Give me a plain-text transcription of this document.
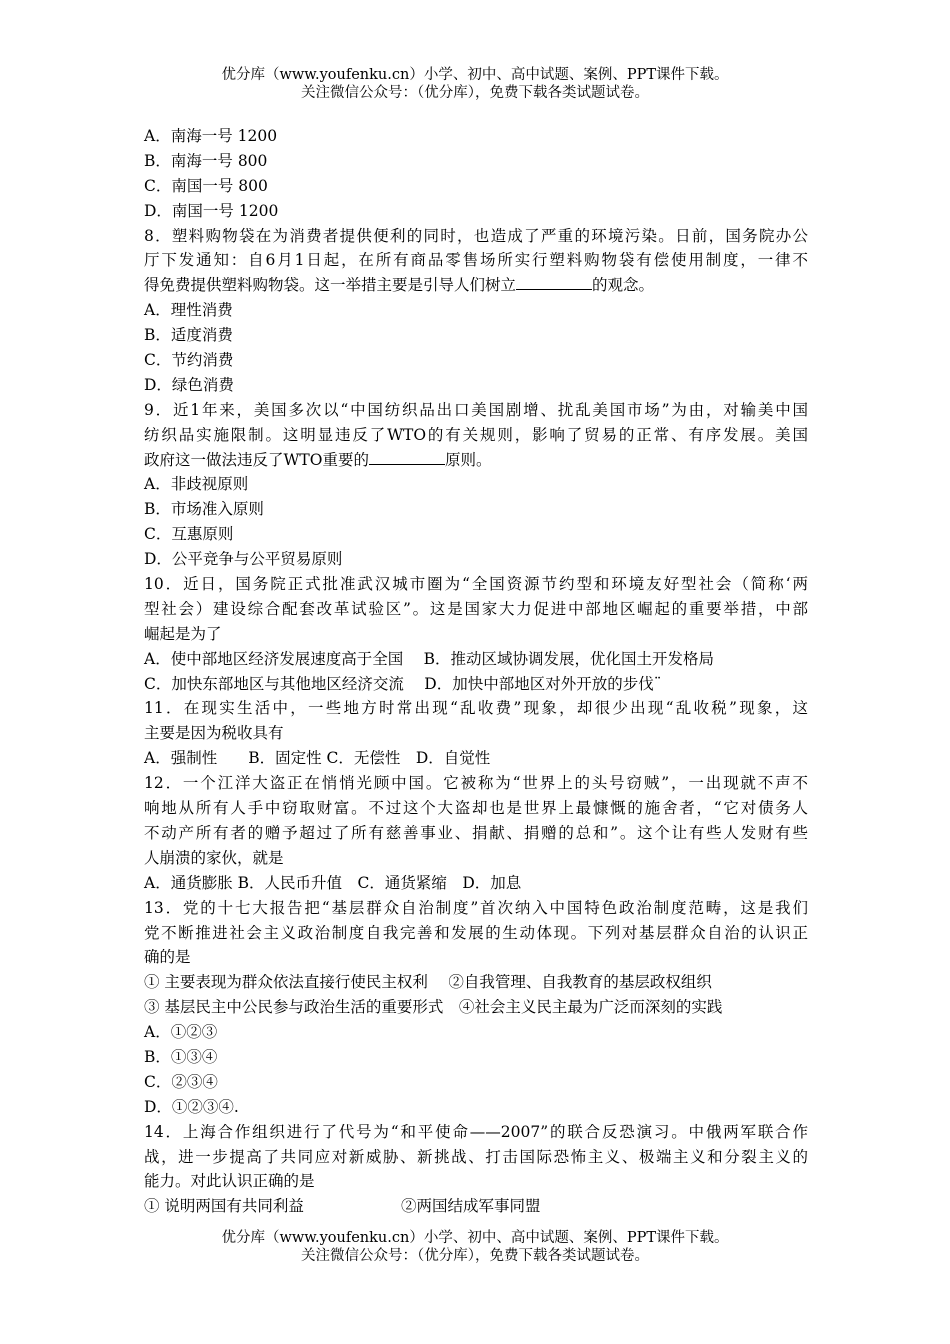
优分库（www.youfenku.cn）小学、初中、高中试题、案例、PPT课件下载。
关注微信公众号：（优分库），免费下载各类试题试卷。
A．南海一号 1200
B．南海一号 800
C．南国一号 800
D．南国一号 1200
8．塑料购物袋在为消费者提供便利的同时，也造成了严重的环境污染。日前，国务院办公
厅下发通知：自6月1日起，在所有商品零售场所实行塑料购物袋有偿使用制度，一律不
得免费提供塑料购物袋。这一举措主要是引导人们树立	的观念。
A．理性消费
B．适度消费
C．节约消费
D．绿色消费
9．近1年来，美国多次以“中国纺织品出口美国剧增、扰乱美国市场”为由，对输美中国
纺织品实施限制。这明显违反了WTO的有关规则，影响了贸易的正常、有序发展。美国
政府这一做法违反了WTO重要的	原则。
A．非歧视原则
B．市场准入原则
C．互惠原则
D．公平竞争与公平贸易原则
10．近日，国务院正式批准武汉城市圈为“全国资源节约型和环境友好型社会（简称‘两
型社会）建设综合配套改革试验区”。这是国家大力促进中部地区崛起的重要举措，中部
崛起是为了
A．使中部地区经济发展速度高于全国　 B．推动区域协调发展，优化国土开发格局
C．加快东部地区与其他地区经济交流　 D．加快中部地区对外开放的步伐¨
11．在现实生活中，一些地方时常出现“乱收费”现象，却很少出现“乱收税”现象，这
主要是因为税收具有
A．强制性　　B．固定性 C．无偿性　D．自觉性
12．一个江洋大盗正在悄悄光顾中国。它被称为“世界上的头号窃贼”，一出现就不声不
响地从所有人手中窃取财富。不过这个大盗却也是世界上最慷慨的施舍者，“它对债务人
不动产所有者的赠予超过了所有慈善事业、捐献、捐赠的总和”。这个让有些人发财有些
人崩溃的家伙，就是
A．通货膨胀 B．人民币升值　C．通货紧缩　D．加息
13．党的十七大报告把“基层群众自治制度”首次纳入中国特色政治制度范畴，这是我们
党不断推进社会主义政治制度自我完善和发展的生动体现。下列对基层群众自治的认识正
确的是
① 主要表现为群众依法直接行使民主权利　 ②自我管理、自我教育的基层政权组织
③ 基层民主中公民参与政治生活的重要形式　④社会主义民主最为广泛而深刻的实践
A．①②③
B．①③④
C．②③④
D．①②③④.
14．上海合作组织进行了代号为“和平使命——2007”的联合反恐演习。中俄两军联合作
战，进一步提高了共同应对新威胁、新挑战、打击国际恐怖主义、极端主义和分裂主义的
能力。对此认识正确的是
① 说明两国有共同利益	②两国结成军事同盟
优分库（www.youfenku.cn）小学、初中、高中试题、案例、PPT课件下载。
关注微信公众号：（优分库），免费下载各类试题试卷。
